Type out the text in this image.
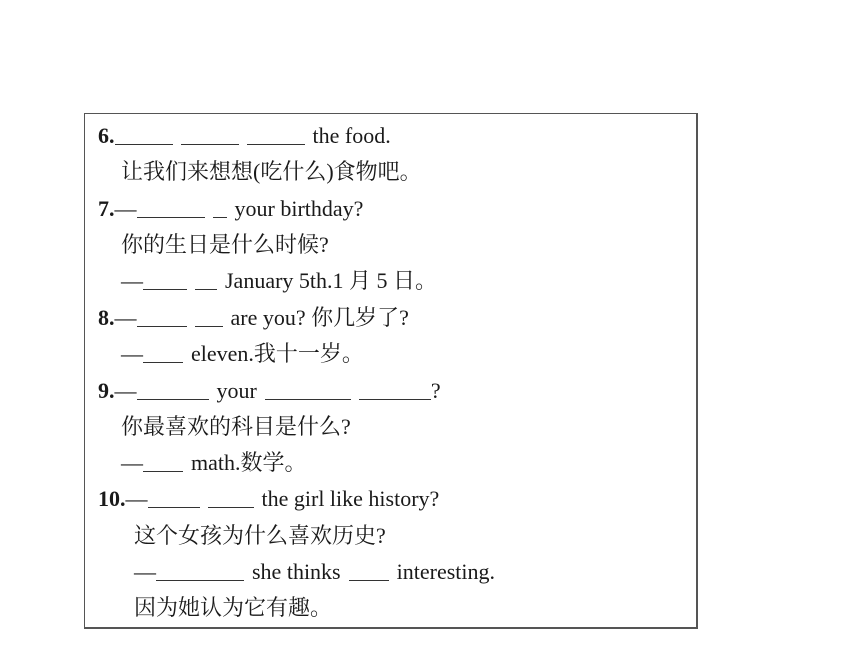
6.	the food.
让我们来想想(吃什么)食物吧。
7.—	your birthday?
你的生日是什么时候?
—	January 5th.1 月 5 日。
8.—	are you? 你几岁了?
— eleven.我十一岁。
9.—	your	?
你最喜欢的科目是什么?
— math.数学。
10.—	the girl like history?
这个女孩为什么喜欢历史?
—	she thinks	interesting.
因为她认为它有趣。
